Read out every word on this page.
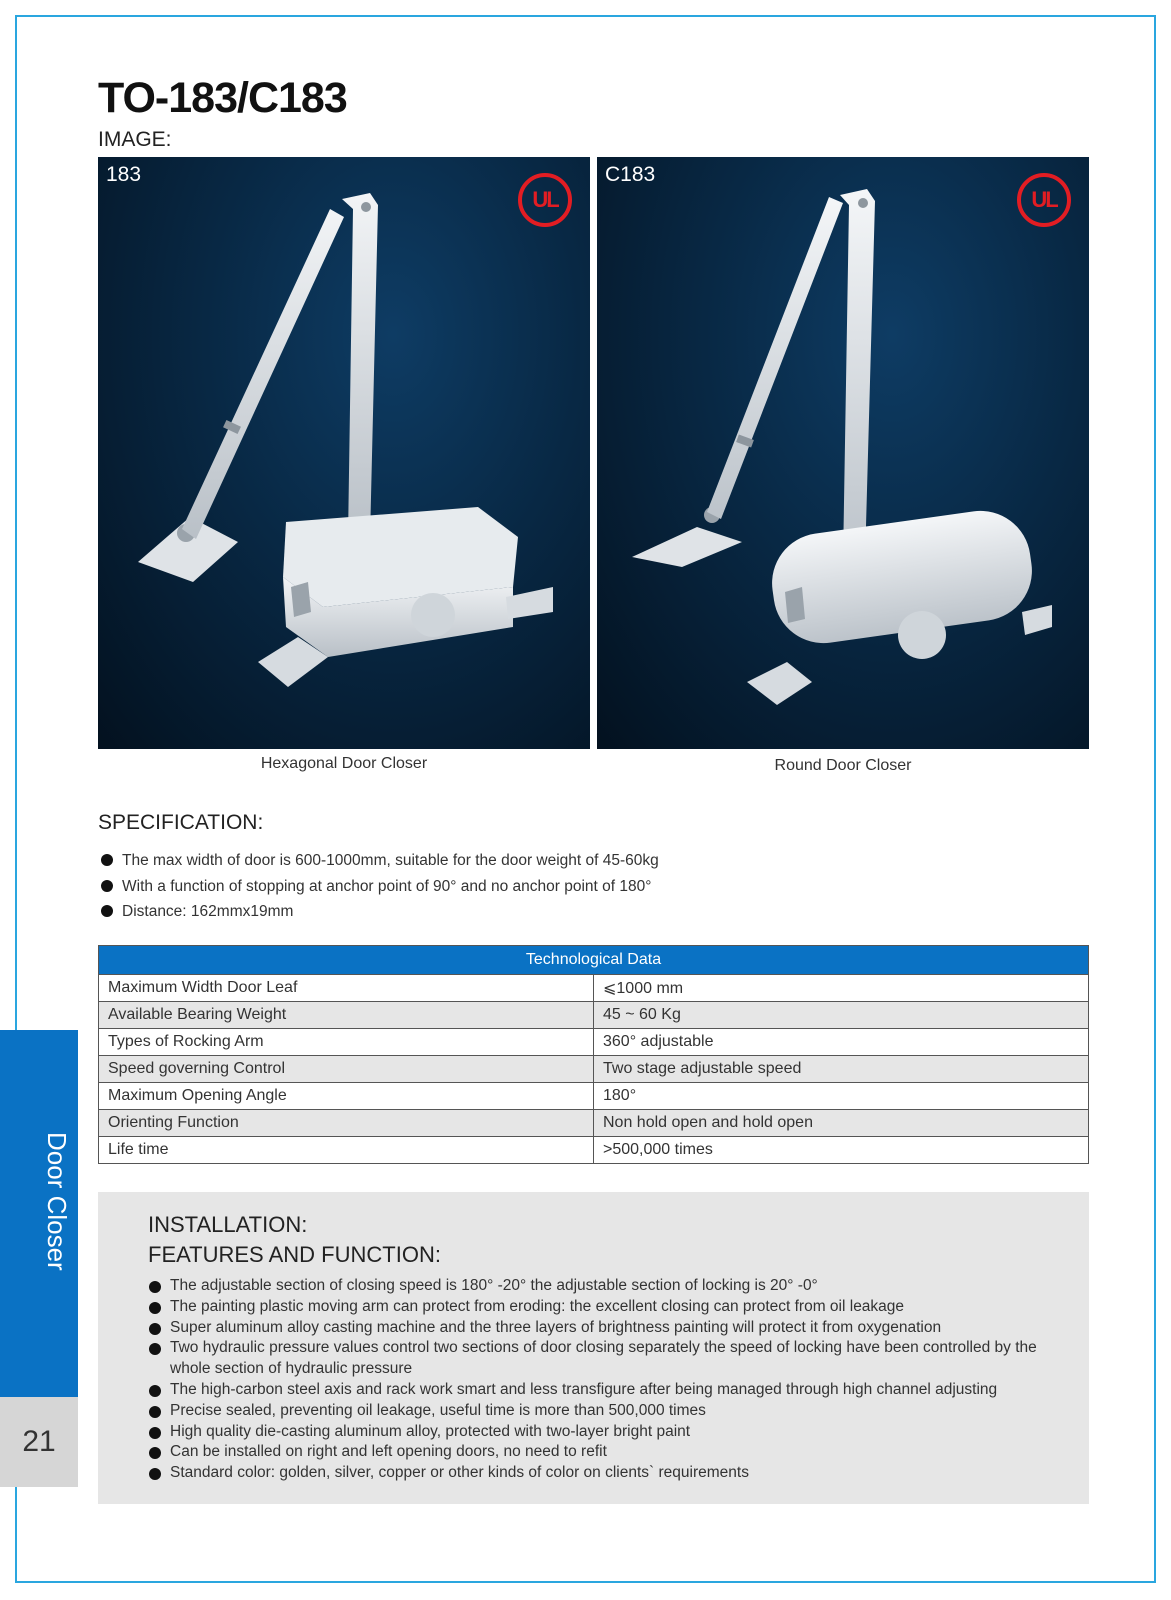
TO-183/C183
IMAGE:
183
UL
C183
UL
Hexagonal Door Closer	Round Door Closer
SPECIFICATION:
The max width of door is 600-1000mm, suitable for the door weight of 45-60kg
With a function of stopping at anchor point of 90° and no anchor point of 180°
Distance: 162mmx19mm
Technological Data	
Maximum Width Door Leaf	⩽1000 mm
Available Bearing Weight	45 ~ 60 Kg
Types of Rocking Arm	360° adjustable
Speed governing Control	Two stage adjustable speed
Maximum Opening Angle	180°
Orienting Function	Non hold open and hold open
Life time	>500,000 times
INSTALLATION:
FEATURES AND FUNCTION:
The adjustable section of closing speed is 180° -20° the adjustable section of locking is 20° -0°
The painting plastic moving arm can protect from eroding: the excellent closing can protect from oil leakage
Super aluminum alloy casting machine and the three layers of brightness painting will protect it from oxygenation
Two hydraulic pressure values control two sections of door closing separately the speed of locking have been controlled by the whole section of hydraulic pressure
The high-carbon steel axis and rack work smart and less transfigure after being managed through high channel adjusting
Precise sealed, preventing oil leakage, useful time is more than 500,000 times
High quality die-casting aluminum alloy, protected with two-layer bright paint
Can be installed on right and left opening doors, no need to refit
Standard color: golden, silver, copper or other kinds of color on clients` requirements
Door Closer
21
